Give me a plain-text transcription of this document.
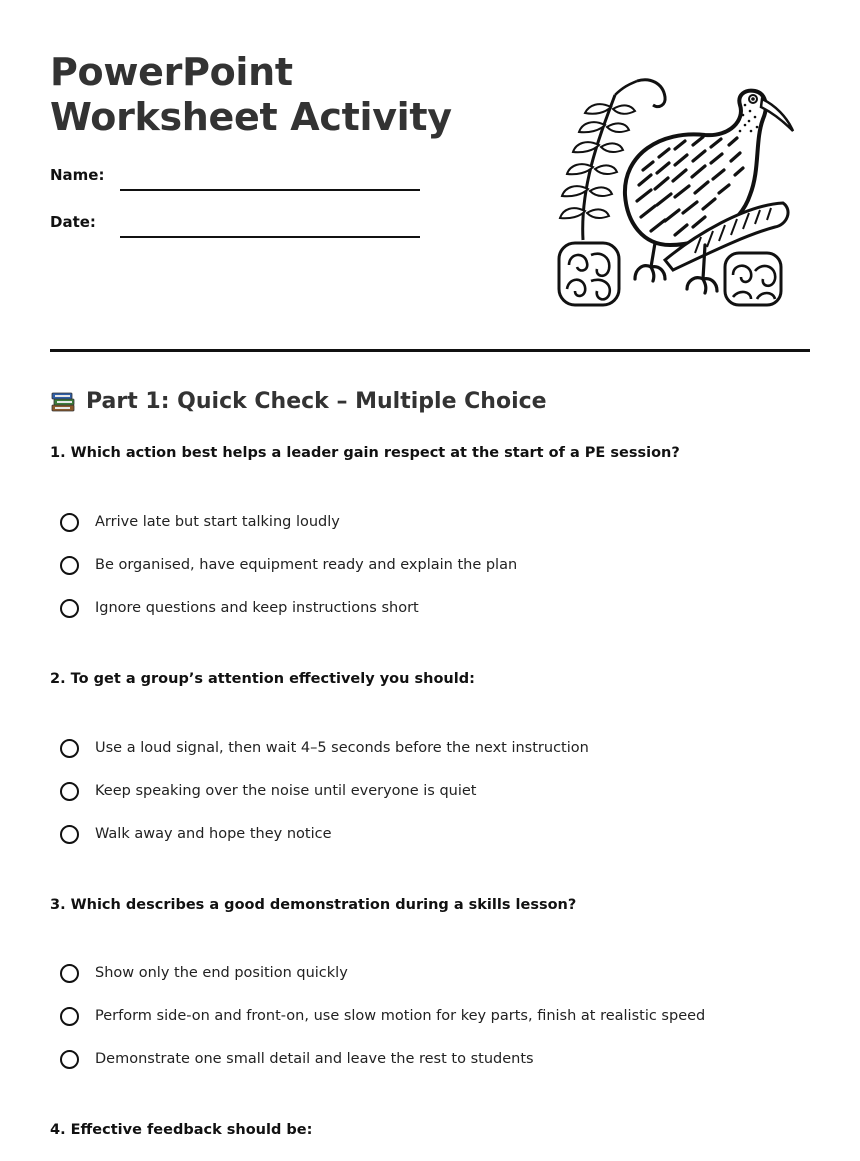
PowerPoint Worksheet Activity
Name:
Date:
Part 1: Quick Check – Multiple Choice

1. Which action best helps a leader gain respect at the start of a PE session?

Arrive late but start talking loudly
Be organised, have equipment ready and explain the plan
Ignore questions and keep instructions short

2. To get a group’s attention effectively you should:

Use a loud signal, then wait 4–5 seconds before the next instruction
Keep speaking over the noise until everyone is quiet
Walk away and hope they notice

3. Which describes a good demonstration during a skills lesson?

Show only the end position quickly
Perform side-on and front-on, use slow motion for key parts, finish at realistic speed
Demonstrate one small detail and leave the rest to students

4. Effective feedback should be:
